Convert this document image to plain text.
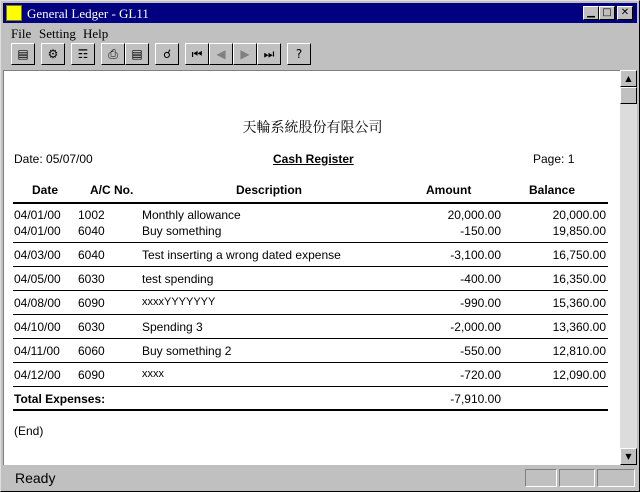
General Ledger - GL11	▁ □ ✕
File Setting Help
▤	⚙	☶	⎙	▤	☌	⏮	◀	▶	⏭	?
天輪系統股份有限公司
Date: 05/07/00	Cash Register	Page: 1
Date	A/C No.	Description	Amount	Balance
04/01/00 1002	Monthly allowance	20,000.00	20,000.00
04/01/00 6040	Buy something	-150.00	19,850.00
04/03/00 6040	Test inserting a wrong dated expense	-3,100.00	16,750.00
04/05/00 6030	test spending	-400.00	16,350.00
04/08/00 6090	xxxxYYYYYYY	-990.00	15,360.00
04/10/00 6030	Spending 3	-2,000.00	13,360.00
04/11/00 6060	Buy something 2	-550.00	12,810.00
04/12/00 6090	xxxx	-720.00	12,090.00
Total Expenses:	-7,910.00
(End)
▲
▼
Ready
